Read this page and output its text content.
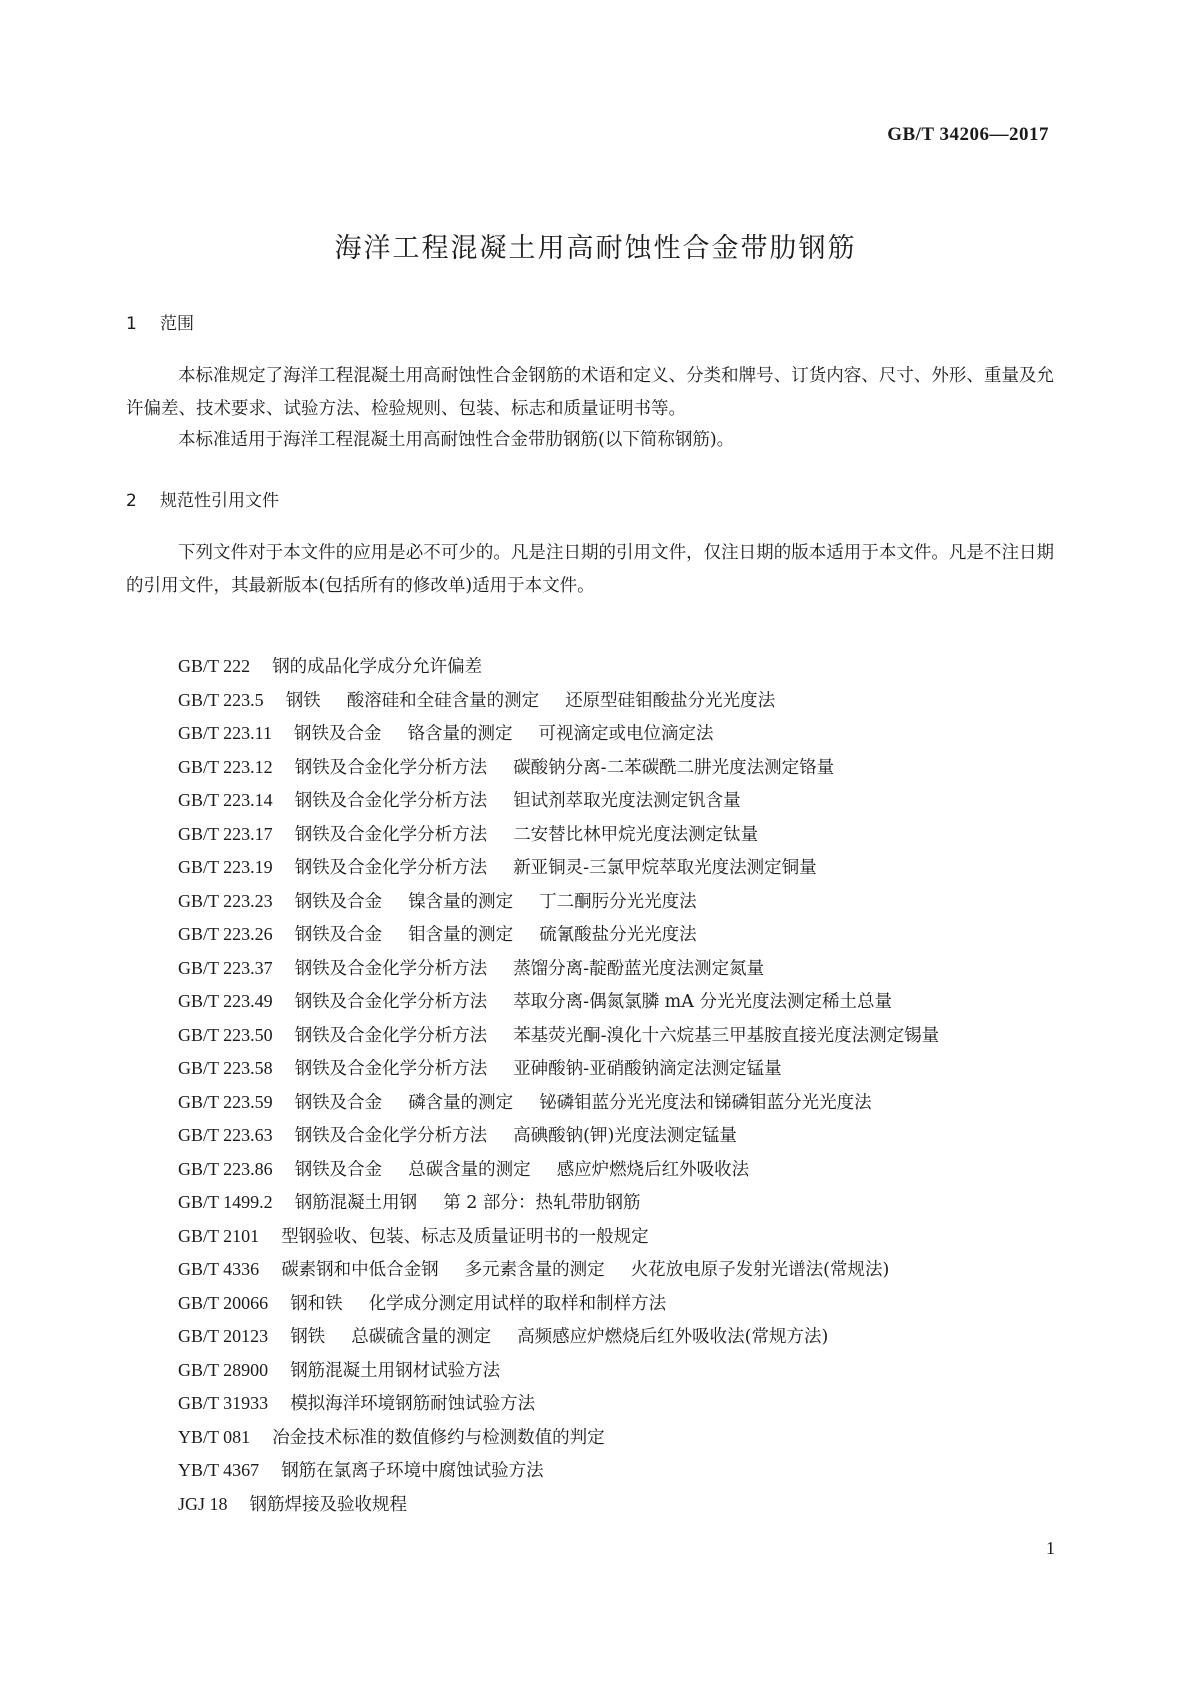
GB/T 34206—2017
海洋工程混凝土用高耐蚀性合金带肋钢筋
1 范围
本标准规定了海洋工程混凝土用高耐蚀性合金钢筋的术语和定义、分类和牌号、订货内容、尺寸、外形、重量及允许偏差、技术要求、试验方法、检验规则、包装、标志和质量证明书等。
本标准适用于海洋工程混凝土用高耐蚀性合金带肋钢筋(以下简称钢筋)。
2 规范性引用文件
下列文件对于本文件的应用是必不可少的。凡是注日期的引用文件，仅注日期的版本适用于本文件。凡是不注日期的引用文件，其最新版本(包括所有的修改单)适用于本文件。
GB/T 222 钢的成品化学成分允许偏差
GB/T 223.5 钢铁 酸溶硅和全硅含量的测定 还原型硅钼酸盐分光光度法
GB/T 223.11 钢铁及合金 铬含量的测定 可视滴定或电位滴定法
GB/T 223.12 钢铁及合金化学分析方法 碳酸钠分离-二苯碳酰二肼光度法测定铬量
GB/T 223.14 钢铁及合金化学分析方法 钽试剂萃取光度法测定钒含量
GB/T 223.17 钢铁及合金化学分析方法 二安替比林甲烷光度法测定钛量
GB/T 223.19 钢铁及合金化学分析方法 新亚铜灵-三氯甲烷萃取光度法测定铜量
GB/T 223.23 钢铁及合金 镍含量的测定 丁二酮肟分光光度法
GB/T 223.26 钢铁及合金 钼含量的测定 硫氰酸盐分光光度法
GB/T 223.37 钢铁及合金化学分析方法 蒸馏分离-靛酚蓝光度法测定氮量
GB/T 223.49 钢铁及合金化学分析方法 萃取分离-偶氮氯膦 mA 分光光度法测定稀土总量
GB/T 223.50 钢铁及合金化学分析方法 苯基荧光酮-溴化十六烷基三甲基胺直接光度法测定锡量
GB/T 223.58 钢铁及合金化学分析方法 亚砷酸钠-亚硝酸钠滴定法测定锰量
GB/T 223.59 钢铁及合金 磷含量的测定 铋磷钼蓝分光光度法和锑磷钼蓝分光光度法
GB/T 223.63 钢铁及合金化学分析方法 高碘酸钠(钾)光度法测定锰量
GB/T 223.86 钢铁及合金 总碳含量的测定 感应炉燃烧后红外吸收法
GB/T 1499.2 钢筋混凝土用钢 第 2 部分：热轧带肋钢筋
GB/T 2101 型钢验收、包装、标志及质量证明书的一般规定
GB/T 4336 碳素钢和中低合金钢 多元素含量的测定 火花放电原子发射光谱法(常规法)
GB/T 20066 钢和铁 化学成分测定用试样的取样和制样方法
GB/T 20123 钢铁 总碳硫含量的测定 高频感应炉燃烧后红外吸收法(常规方法)
GB/T 28900 钢筋混凝土用钢材试验方法
GB/T 31933 模拟海洋环境钢筋耐蚀试验方法
YB/T 081 冶金技术标准的数值修约与检测数值的判定
YB/T 4367 钢筋在氯离子环境中腐蚀试验方法
JGJ 18 钢筋焊接及验收规程
1
